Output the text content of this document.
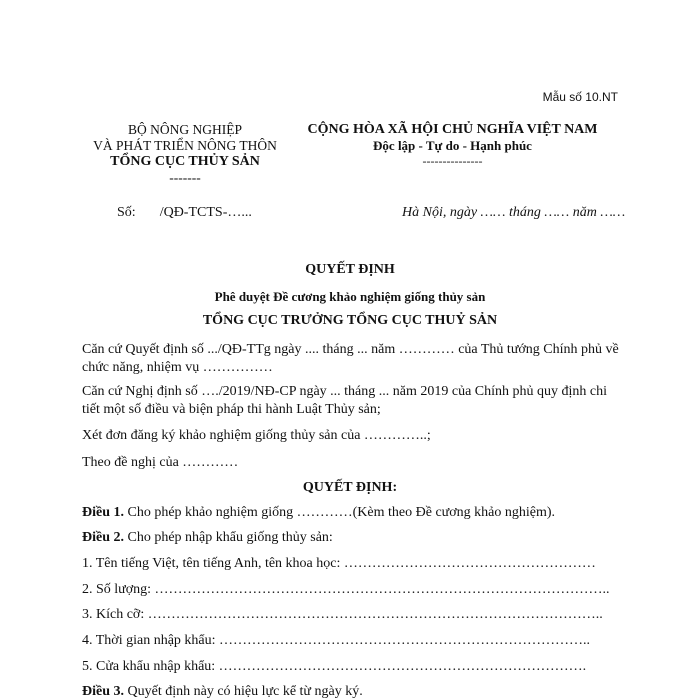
Mẫu số 10.NT
BỘ NÔNG NGHIỆP
VÀ PHÁT TRIỂN NÔNG THÔN
TỔNG CỤC THỦY SẢN
-------
CỘNG HÒA XÃ HỘI CHỦ NGHĨA VIỆT NAM
Độc lập - Tự do - Hạnh phúc
---------------
Số: /QĐ-TCTS-…...	Hà Nội, ngày …… tháng …… năm ……
QUYẾT ĐỊNH
Phê duyệt Đề cương khảo nghiệm giống thủy sản
TỔNG CỤC TRƯỞNG TỔNG CỤC THUỶ SẢN
Căn cứ Quyết định số .../QĐ-TTg ngày .... tháng ... năm ………… của Thủ tướng Chính phủ về chức năng, nhiệm vụ ……………
Căn cứ Nghị định số …./2019/NĐ-CP ngày ... tháng ... năm 2019 của Chính phủ quy định chi tiết một số điều và biện pháp thi hành Luật Thủy sản;
Xét đơn đăng ký khảo nghiệm giống thủy sản của …………..;
Theo đề nghị của …………
QUYẾT ĐỊNH:
Điều 1. Cho phép khảo nghiệm giống …………(Kèm theo Đề cương khảo nghiệm).
Điều 2. Cho phép nhập khẩu giống thủy sản:
1. Tên tiếng Việt, tên tiếng Anh, tên khoa học: ………………………………………………
2. Số lượng: ……………………………………………………………………………………..
3. Kích cỡ: ……………………………………………………………………………………..
4. Thời gian nhập khẩu: ……………………………………………………………………..
5. Cửa khẩu nhập khẩu: …………………………………………………………………….
Điều 3. Quyết định này có hiệu lực kể từ ngày ký.
